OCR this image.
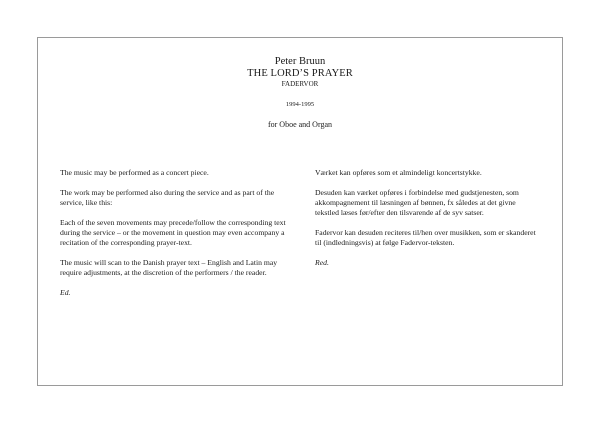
Peter Bruun
THE LORD’S PRAYER
FADERVOR
1994-1995
for Oboe and Organ

The music may be performed as a concert piece.

The work may be performed also during the service and as part of the service, like this:

Each of the seven movements may precede/follow the corresponding text during the service – or the movement in question may even accompany a recitation of the corresponding prayer-text.

The music will scan to the Danish prayer text – English and Latin may require adjustments, at the discretion of the performers / the reader.

Ed.

Værket kan opføres som et almindeligt koncertstykke.

Desuden kan værket opføres i forbindelse med gudstjenesten, som akkompagnement til læsningen af bønnen, fx således at det givne tekstled læses før/efter den tilsvarende af de syv satser.

Fadervor kan desuden reciteres til/hen over musikken, som er skanderet til (indledningsvis) at følge Fadervor-teksten.

Red.
